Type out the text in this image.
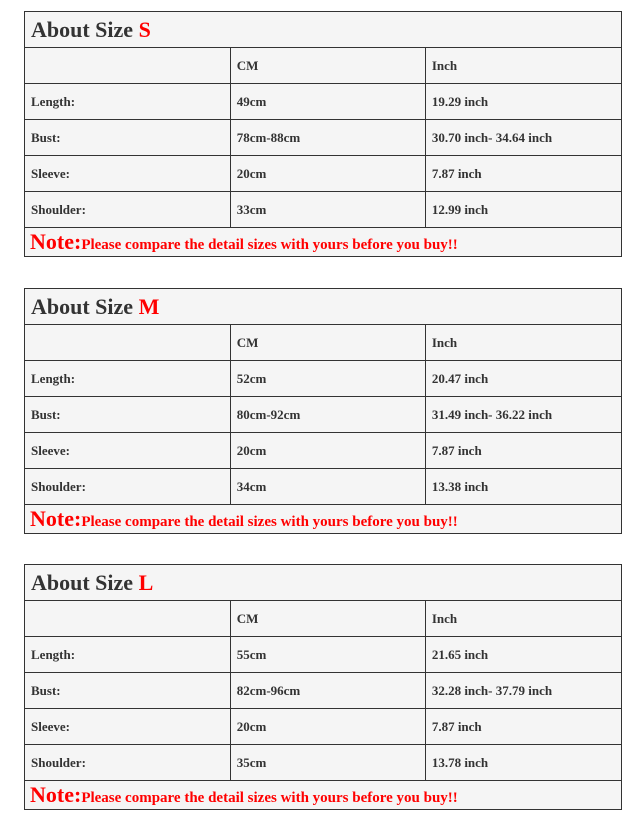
About Size S		
	CM	Inch
Length:	49cm	19.29 inch
Bust:	78cm-88cm	30.70 inch- 34.64 inch
Sleeve:	20cm	7.87 inch
Shoulder:	33cm	12.99 inch
Note:Please compare the detail sizes with yours before you buy!!		
About Size M		
	CM	Inch
Length:	52cm	20.47 inch
Bust:	80cm-92cm	31.49 inch- 36.22 inch
Sleeve:	20cm	7.87 inch
Shoulder:	34cm	13.38 inch
Note:Please compare the detail sizes with yours before you buy!!		
About Size L		
	CM	Inch
Length:	55cm	21.65 inch
Bust:	82cm-96cm	32.28 inch- 37.79 inch
Sleeve:	20cm	7.87 inch
Shoulder:	35cm	13.78 inch
Note:Please compare the detail sizes with yours before you buy!!		
